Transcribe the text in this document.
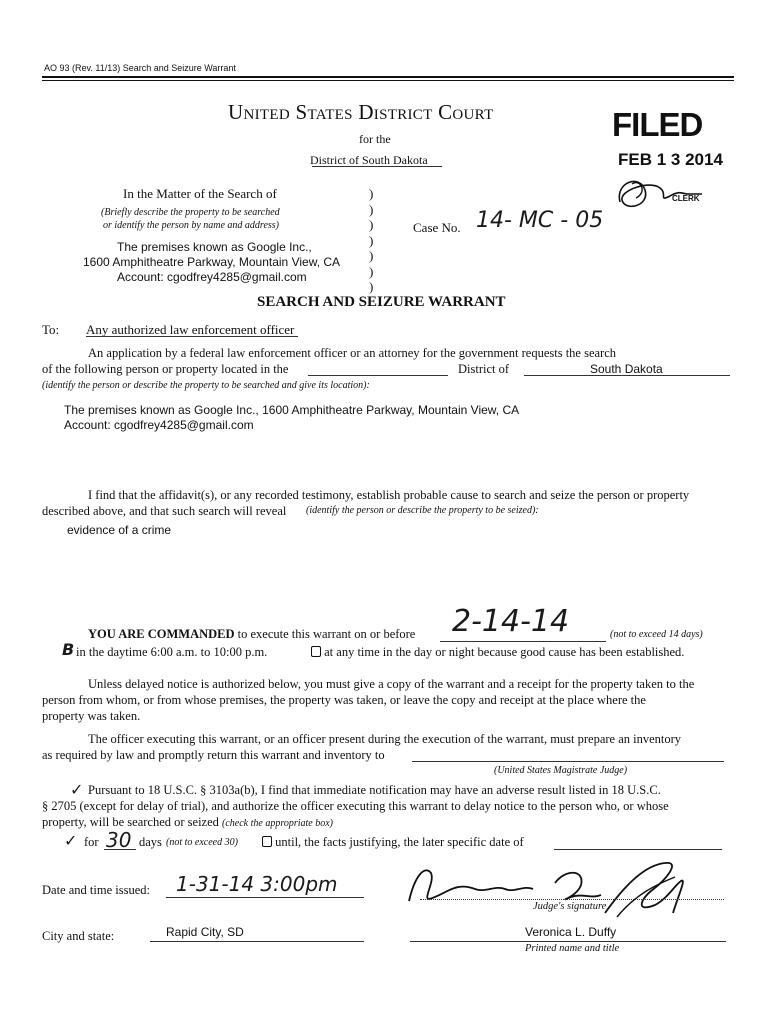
AO 93 (Rev. 11/13) Search and Seizure Warrant
United States District Court
for the
District of South Dakota
FILED
FEB 1 3 2014
CLERK
In the Matter of the Search of
(Briefly describe the property to be searched
or identify the person by name and address)
The premises known as Google Inc.,
1600 Amphitheatre Parkway, Mountain View, CA
Account: cgodfrey4285@gmail.com
)
)
)
)
)
)
)
Case No. 14- MC - 05
SEARCH AND SEIZURE WARRANT
To: Any authorized law enforcement officer
An application by a federal law enforcement officer or an attorney for the government requests the search
of the following person or property located in the	District of	South Dakota
(identify the person or describe the property to be searched and give its location):
The premises known as Google Inc., 1600 Amphitheatre Parkway, Mountain View, CA
Account: cgodfrey4285@gmail.com
I find that the affidavit(s), or any recorded testimony, establish probable cause to search and seize the person or property
described above, and that such search will reveal (identify the person or describe the property to be seized):
evidence of a crime
YOU ARE COMMANDED to execute this warrant on or before 2-14-14	(not to exceed 14 days)
B in the daytime 6:00 a.m. to 10:00 p.m.	at any time in the day or night because good cause has been established.
Unless delayed notice is authorized below, you must give a copy of the warrant and a receipt for the property taken to the
person from whom, or from whose premises, the property was taken, or leave the copy and receipt at the place where the
property was taken.
The officer executing this warrant, or an officer present during the execution of the warrant, must prepare an inventory
as required by law and promptly return this warrant and inventory to
(United States Magistrate Judge)
✓ Pursuant to 18 U.S.C. § 3103a(b), I find that immediate notification may have an adverse result listed in 18 U.S.C.
§ 2705 (except for delay of trial), and authorize the officer executing this warrant to delay notice to the person who, or whose
property, will be searched or seized (check the appropriate box)
✓ for 30 days (not to exceed 30)	until, the facts justifying, the later specific date of
Date and time issued: 1-31-14 3:00pm
Judge's signature
City and state:	Rapid City, SD	Veronica L. Duffy
Printed name and title
